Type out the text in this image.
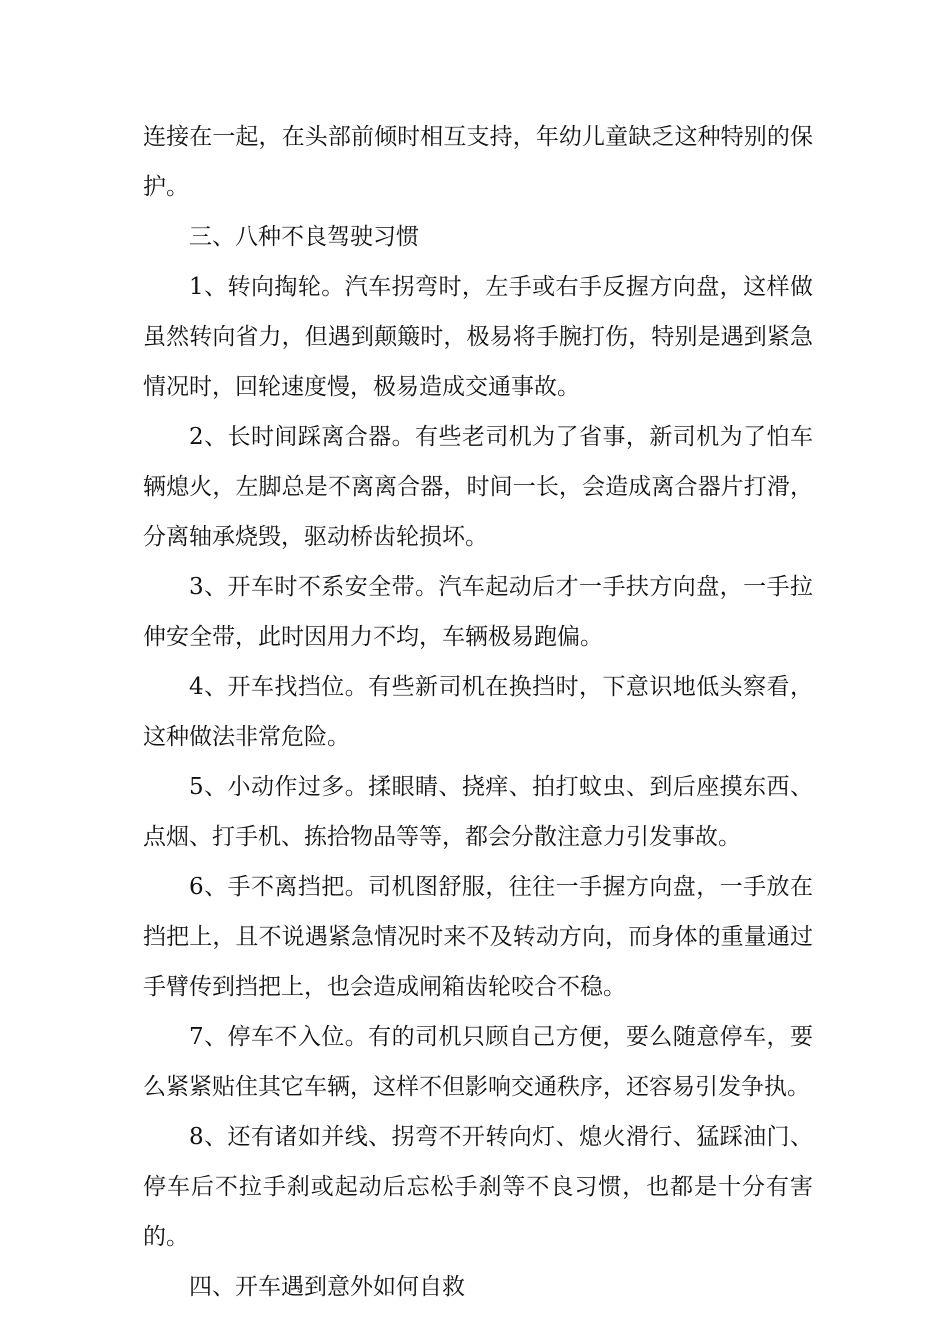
连接在一起，在头部前倾时相互支持，年幼儿童缺乏这种特别的保护。

三、八种不良驾驶习惯

1、转向掏轮。汽车拐弯时，左手或右手反握方向盘，这样做虽然转向省力，但遇到颠簸时，极易将手腕打伤，特别是遇到紧急情况时，回轮速度慢，极易造成交通事故。

2、长时间踩离合器。有些老司机为了省事，新司机为了怕车辆熄火，左脚总是不离离合器，时间一长，会造成离合器片打滑，分离轴承烧毁，驱动桥齿轮损坏。

3、开车时不系安全带。汽车起动后才一手扶方向盘，一手拉伸安全带，此时因用力不均，车辆极易跑偏。

4、开车找挡位。有些新司机在换挡时，下意识地低头察看，这种做法非常危险。

5、小动作过多。揉眼睛、挠痒、拍打蚊虫、到后座摸东西、点烟、打手机、拣拾物品等等，都会分散注意力引发事故。

6、手不离挡把。司机图舒服，往往一手握方向盘，一手放在挡把上，且不说遇紧急情况时来不及转动方向，而身体的重量通过手臂传到挡把上，也会造成闸箱齿轮咬合不稳。

7、停车不入位。有的司机只顾自己方便，要么随意停车，要么紧紧贴住其它车辆，这样不但影响交通秩序，还容易引发争执。

8、还有诸如并线、拐弯不开转向灯、熄火滑行、猛踩油门、停车后不拉手刹或起动后忘松手刹等不良习惯，也都是十分有害的。

四、开车遇到意外如何自救
